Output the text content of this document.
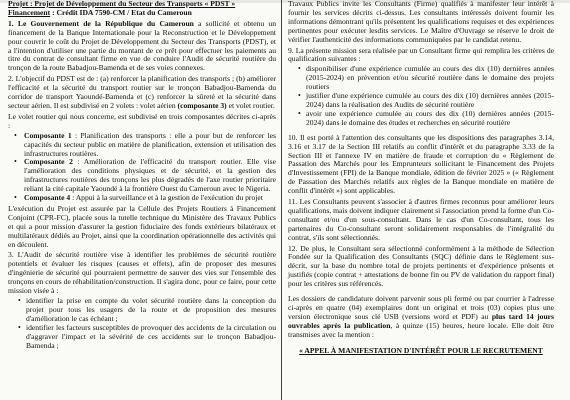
Projet : Projet de Développement du Secteur des Transports « PDST »
Financement : Crédit IDA 7590-CM / Etat du Cameroun

1. Le Gouvernement de la République du Cameroun a sollicité et obtenu un financement de la Banque Internationale pour la Reconstruction et le Développement pour couvrir le coût du Projet de Développement du Secteur des Transports (PDST), et a l'intention d'utiliser une partie du montant de ce prêt pour effectuer les paiements au titre du contrat de consultant firme en vue de conduire l'Audit de sécurité routière du tronçon de la route Babadjou-Bamenda et de ses voies connexes.

2. L'objectif du PDST est de : (a) renforcer la planification des transports ; (b) améliorer l'efficacité et la sécurité du transport routier sur le tronçon Babadjou-Bamenda du corridor de transport Yaoundé-Bamenda et (c) renforcer la sûreté et la sécurité dans secteur aérien. Il est subdivisé en 2 volets : volet aérien (composante 3) et volet routier.

Le volet routier qui nous concerne, est subdivisé en trois composantes décrites ci-après :

• Composante 1 : Planification des transports : elle a pour but de renforcer les capacités du secteur public en matière de planification, extension et utilisation des infrastructures routières.
• Composante 2 : Amélioration de l'efficacité du transport routier. Elle vise l'amélioration des conditions physiques et de sécurité, et la gestion des infrastructures routières des tronçons les plus dégradés de l'axe routier prioritaire reliant la cité capitale Yaoundé à la frontière Ouest du Cameroun avec le Nigeria.
• Composante 4 : Appui à la surveillance et à la gestion de l'exécution du projet

L'exécution du Projet est assurée par la Cellule des Projets Routiers à Financement Conjoint (CPR-FC), placée sous la tutelle technique du Ministère des Travaux Publics et qui a pour mission d'assurer la gestion fiduciaire des fonds extérieurs bilatéraux et multilatéraux dédiés au Projet, ainsi que la coordination opérationnelle des activités qui en découlent.

3. L'Audit de sécurité routière vise à identifier les problèmes de sécurité routière potentiels et évaluer les risques (causes et effets), afin de proposer des mesures d'ingénierie de sécurité qui pourraient permettre de sauver des vies sur l'ensemble des tronçons en cours de réhabilitation/construction. Il s'agira donc, pour ce faire, pour cette mission visée à :

• identifier la prise en compte du volet sécurité routière dans la conception du projet pour tous les usagers de la route et de proposition des mesures d'amélioration le cas échéant ;
• identifier les facteurs susceptibles de provoquer des accidents de la circulation ou d'aggraver l'impact et la sévérité de ces accidents sur le tronçon Babadjou-Bamenda ;

Travaux Publics invite les Consultants (Firme) qualifiés à manifester leur intérêt à fournir les services décrits ci-dessus. Les consultants intéressés doivent fournir les informations démontrant qu'ils présentent les qualifications requises et des expériences pertinentes pour exécuter lesdits services. Le Maître d'Ouvrage se réserve le droit de vérifier l'authenticité des informations communiquées par le candidat retenu.

9. La présente mission sera réalisée par un Consultant firme qui remplira les critères de qualification suivantes :

• disponibiliser d'une expérience cumulée au cours des dix (10) dernières années (2015-2024) en prévention et/ou sécurité routière dans le domaine des projets routiers
• justifier d'une expérience cumulée au cours des dix (10) dernières années (2015-2024) dans la réalisation des Audits de sécurité routière
• avoir une expérience cumulée au cours des dix (10) dernières années (2015-2024) dans le domaine des études et recherches en sécurité routière

10. Il est porté à l'attention des consultants que les dispositions des paragraphes 3.14, 3.16 et 3.17 de la Section III relatifs au conflit d'intérêt et du paragraphe 3.33 de la Section III et l'annexe IV en matière de fraude et corruption du « Règlement de Passation des Marchés pour les Emprunteurs sollicitant le Financement des Projets d'Investissement (FPI) de la Banque mondiale, édition de février 2025 » (« Règlement de Passation des Marchés relatifs aux règles de la Banque mondiale en matière de conflit d'intérêt ») sont applicables.

11. Les Consultants peuvent s'associer à d'autres firmes reconnus pour améliorer leurs qualifications, mais doivent indiquer clairement si l'association prend la forme d'un Co-consultant et/ou d'un sous-consultant. Dans le cas d'un Co-consultant, tous les partenaires du Co-consultant seront solidairement responsables de l'intégralité du contrat, s'ils sont sélectionnés.

12. De plus, le Consultant sera sélectionné conformément à la méthode de Sélection Fondée sur la Qualification des Consultants (SQC) définie dans le Règlement sus-décrit, sur la base du nombre total de projets pertinents et d'expérience présents et justifiés (copie contrat + attestations de bonne fin ou PV de validation du rapport final) pour les critères sus référencés.

Les dossiers de candidature doivent parvenir sous pli fermé ou par courrier à l'adresse ci-après en quatre (04) exemplaires dont un original et trois (03) copies plus une version électronique sous clé USB (versions word et PDF) au plus tard 14 jours ouvrables après la publication, à quinze (15) heures, heure locale. Elle doit être transmises avec la mention :

« APPEL À MANIFESTATION D'INTÉRÊT POUR LE RECRUTEMENT
